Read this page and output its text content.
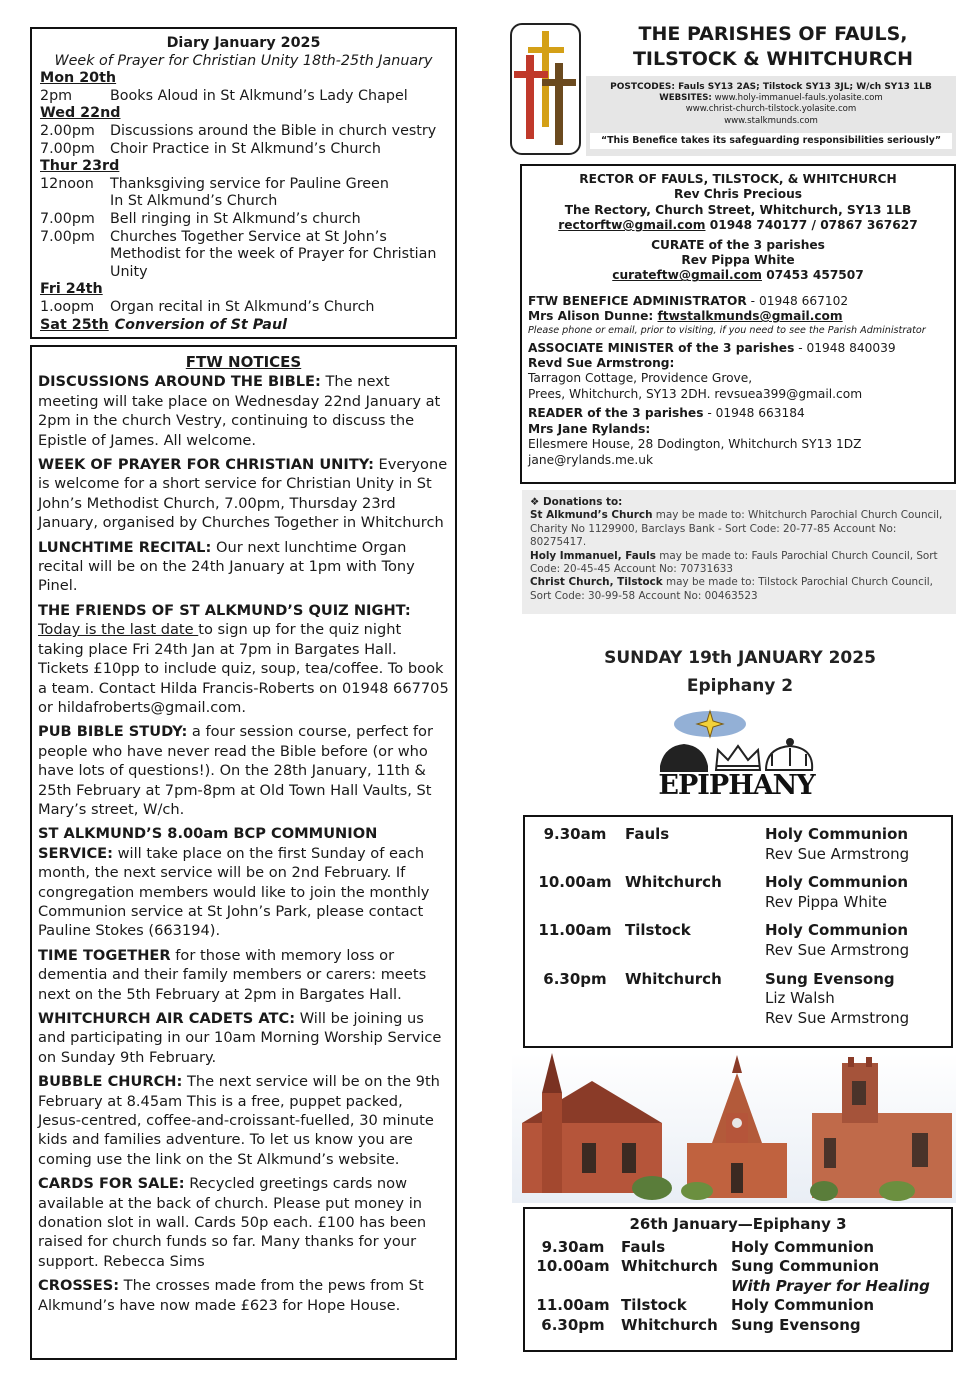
Diary January 2025
Week of Prayer for Christian Unity 18th-25th January
Mon 20th
2pm	Books Aloud in St Alkmund’s Lady Chapel
Wed 22nd
2.00pm	Discussions around the Bible in church vestry
7.00pm	Choir Practice in St Alkmund’s Church
Thur 23rd
12noon	Thanksgiving service for Pauline Green
In St Alkmund’s Church
7.00pm	Bell ringing in St Alkmund’s church
7.00pm	Churches Together Service at St John’s Methodist for the week of Prayer for Christian Unity
Fri 24th
1.oopm	Organ recital in St Alkmund’s Church
Sat 25th Conversion of St Paul
FTW NOTICES
DISCUSSIONS AROUND THE BIBLE: The next meeting will take place on Wednesday 22nd January at 2pm in the church Vestry, continuing to discuss the Epistle of James. All welcome.
WEEK OF PRAYER FOR CHRISTIAN UNITY: Everyone is welcome for a short service for Christian Unity in St John’s Methodist Church, 7.00pm, Thursday 23rd January, organised by Churches Together in Whitchurch
LUNCHTIME RECITAL: Our next lunchtime Organ recital will be on the 24th January at 1pm with Tony Pinel.
THE FRIENDS OF ST ALKMUND’S QUIZ NIGHT:
Today is the last date to sign up for the quiz night taking place Fri 24th Jan at 7pm in Bargates Hall. Tickets £10pp to include quiz, soup, tea/coffee. To book a team. Contact Hilda Francis-Roberts on 01948 667705 or hildafroberts@gmail.com.
PUB BIBLE STUDY: a four session course, perfect for people who have never read the Bible before (or who have lots of questions!). On the 28th January, 11th & 25th February at 7pm-8pm at Old Town Hall Vaults, St Mary’s street, W/ch.
ST ALKMUND’S 8.00am BCP COMMUNION SERVICE: will take place on the first Sunday of each month, the next service will be on 2nd February. If congregation members would like to join the monthly Communion service at St John’s Park, please contact Pauline Stokes (663194).
TIME TOGETHER for those with memory loss or dementia and their family members or carers: meets next on the 5th February at 2pm in Bargates Hall.
WHITCHURCH AIR CADETS ATC: Will be joining us and participating in our 10am Morning Worship Service on Sunday 9th February.
BUBBLE CHURCH: The next service will be on the 9th February at 8.45am This is a free, puppet packed, Jesus-centred, coffee-and-croissant-fuelled, 30 minute kids and families adventure. To let us know you are coming use the link on the St Alkmund’s website.
CARDS FOR SALE: Recycled greetings cards now available at the back of church. Please put money in donation slot in wall. Cards 50p each. £100 has been raised for church funds so far. Many thanks for your support. Rebecca Sims
CROSSES: The crosses made from the pews from St Alkmund’s have now made £623 for Hope House.
THE PARISHES OF FAULS,
TILSTOCK & WHITCHURCH
POSTCODES: Fauls SY13 2AS; Tilstock SY13 3JL; W/ch SY13 1LB
WEBSITES: www.holy-immanuel-fauls.yolasite.com
www.christ-church-tilstock.yolasite.com
www.stalkmunds.com
“This Benefice takes its safeguarding responsibilities seriously”
RECTOR OF FAULS, TILSTOCK, & WHITCHURCH
Rev Chris Precious
The Rectory, Church Street, Whitchurch, SY13 1LB
rectorftw@gmail.com 01948 740177 / 07867 367627
CURATE of the 3 parishes
Rev Pippa White
curateftw@gmail.com 07453 457507
FTW BENEFICE ADMINISTRATOR - 01948 667102
Mrs Alison Dunne: ftwstalkmunds@gmail.com
Please phone or email, prior to visiting, if you need to see the Parish Administrator
ASSOCIATE MINISTER of the 3 parishes - 01948 840039
Revd Sue Armstrong:
Tarragon Cottage, Providence Grove,
Prees, Whitchurch, SY13 2DH. revsuea399@gmail.com
READER of the 3 parishes - 01948 663184
Mrs Jane Rylands:
Ellesmere House, 28 Dodington, Whitchurch SY13 1DZ
jane@rylands.me.uk
❖ Donations to:
St Alkmund’s Church may be made to: Whitchurch Parochial Church Council, Charity No 1129900, Barclays Bank - Sort Code: 20-77-85 Account No: 80275417.
Holy Immanuel, Fauls may be made to: Fauls Parochial Church Council, Sort Code: 20-45-45 Account No: 70731633
Christ Church, Tilstock may be made to: Tilstock Parochial Church Council, Sort Code: 30-99-58 Account No: 00463523
SUNDAY 19th JANUARY 2025
Epiphany 2
EPIPHANY
9.30am	Fauls	Holy Communion
Rev Sue Armstrong
10.00am Whitchurch	Holy Communion
Rev Pippa White
11.00am Tilstock	Holy Communion
Rev Sue Armstrong
6.30pm	Whitchurch	Sung Evensong
Liz Walsh
Rev Sue Armstrong
26th January—Epiphany 3
9.30am	Fauls	Holy Communion
10.00am Whitchurch Sung Communion
With Prayer for Healing
11.00am Tilstock	Holy Communion
6.30pm	Whitchurch Sung Evensong
